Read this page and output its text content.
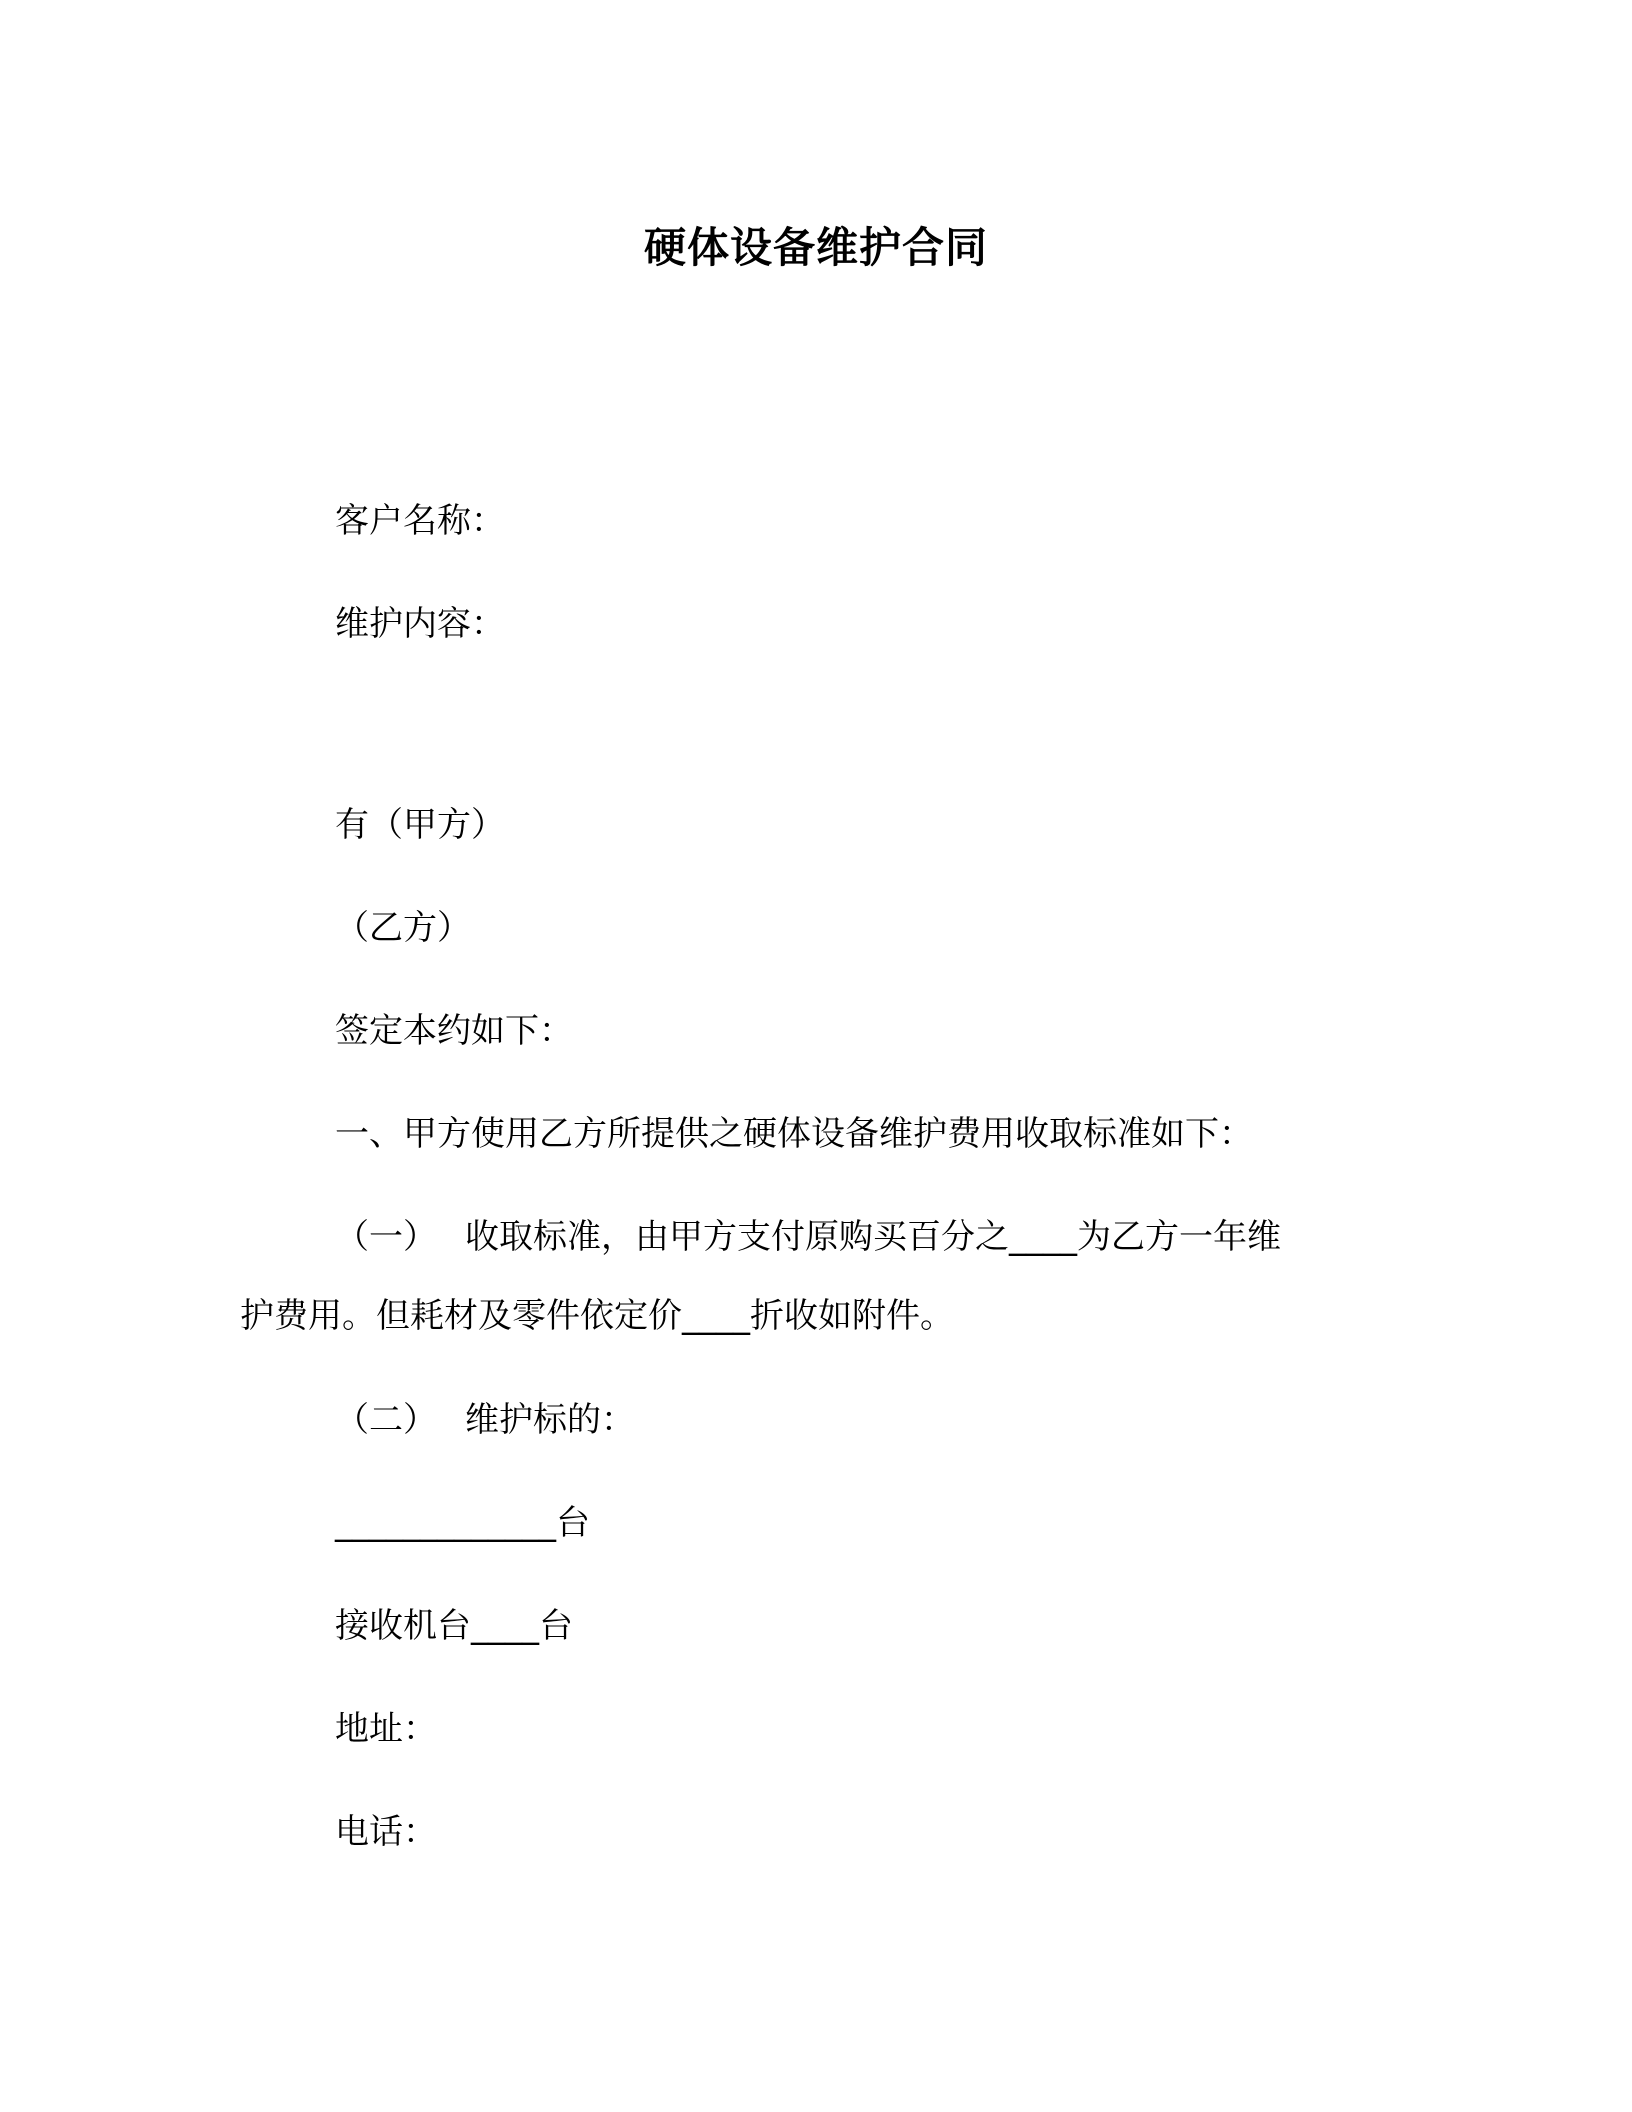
硬体设备维护合同
客户名称：
维护内容：
有（甲方）
（乙方）
签定本约如下：
一、甲方使用乙方所提供之硬体设备维护费用收取标准如下：
（一） 收取标准，由甲方支付原购买百分之____为乙方一年维
护费用。但耗材及零件依定价____折收如附件。
（二） 维护标的：
_____________台
接收机台____台
地址：
电话：
